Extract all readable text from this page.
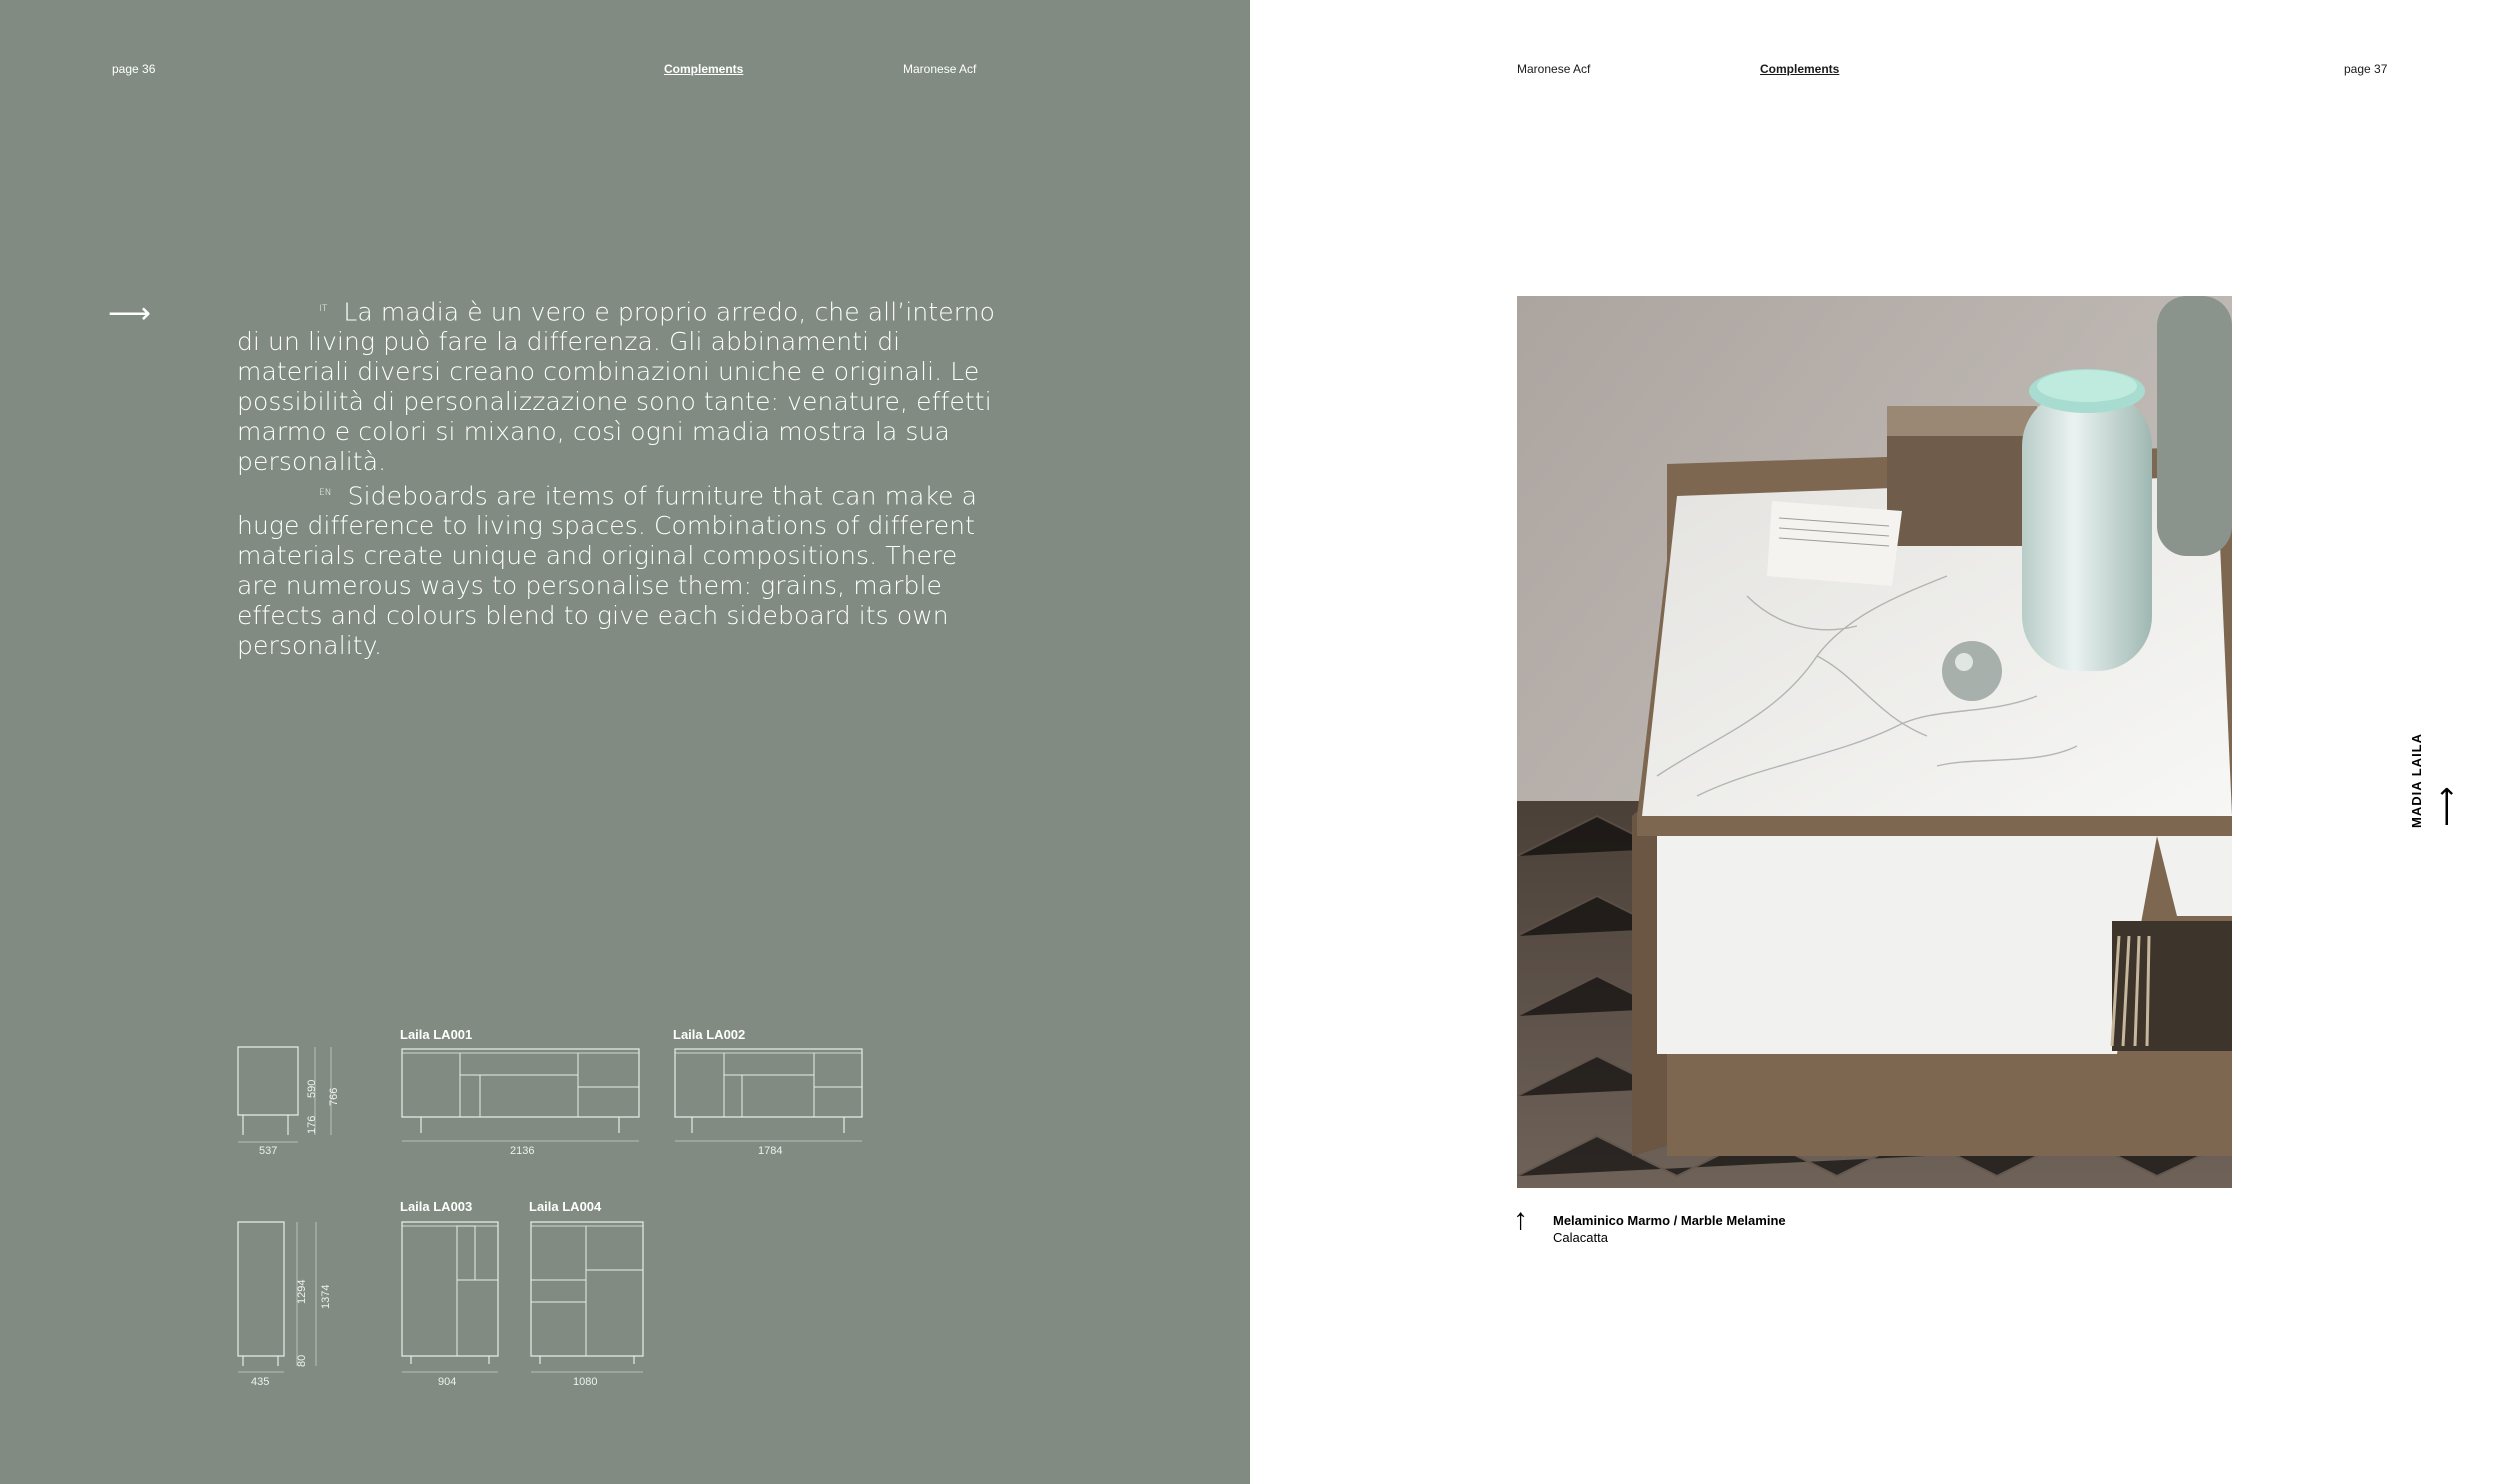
page 36	Complements	Maronese Acf
⟶	$^{IT}$ La madia è un vero e proprio arredo, che all’interno di un living può fare la differenza. Gli abbinamenti di materiali diversi creano combinazioni uniche e originali. Le possibilità di personalizzazione sono tante: venature, effetti marmo e colori si mixano, così ogni madia mostra la sua personalità.
$^{EN}$ Sideboards are items of furniture that can make a huge difference to living spaces. Combinations of different materials create unique and original compositions. There are numerous ways to personalise them: grains, marble effects and colours blend to give each sideboard its own personality.
537
590 766
176
Laila LA001
2136
Laila LA002
1784
435
1294 1374
80
Laila LA003
904
Laila LA004
1080
Maronese Acf	Complements	page 37
↑ Melaminico Marmo / Marble Melamine
Calacatta
MADIA LAILA ⟶
